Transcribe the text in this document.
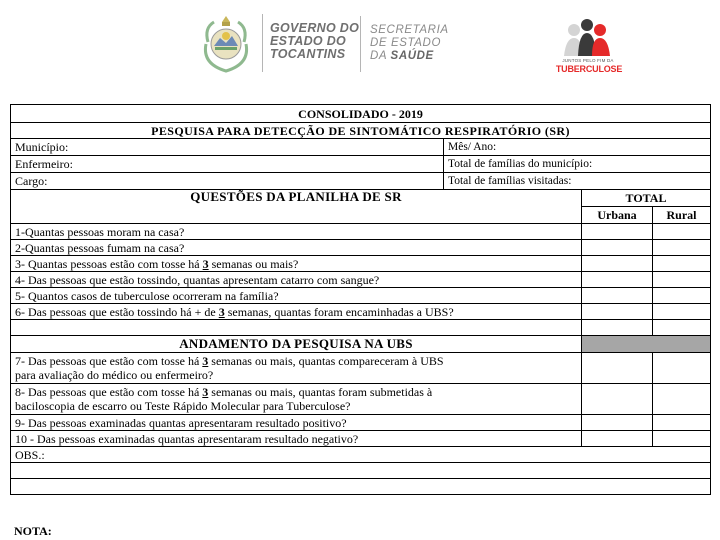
GOVERNO DO
ESTADO DO
TOCANTINS
SECRETARIA
DE ESTADO
DA SAÚDE	JUNTOS PELO FIM DA
TUBERCULOSE
CONSOLIDADO - 2019			
PESQUISA PARA DETECÇÃO DE SINTOMÁTICO RESPIRATÓRIO (SR)			
Município:	Mês/ Ano:		
Enfermeiro:	Total de famílias do município:		
Cargo:	Total de famílias visitadas:		
QUESTÕES DA PLANILHA DE SR		TOTAL	
		Urbana	Rural
1-Quantas pessoas moram na casa?			
2-Quantas pessoas fumam na casa?			
3- Quantas pessoas estão com tosse há 3 semanas ou mais?			
4- Das pessoas que estão tossindo, quantas apresentam catarro com sangue?			
5- Quantos casos de tuberculose ocorreram na família?			
6- Das pessoas que estão tossindo há + de 3 semanas, quantas foram encaminhadas a UBS?			

ANDAMENTO DA PESQUISA NA UBS			
7- Das pessoas que estão com tosse há 3 semanas ou mais, quantas compareceram à UBS
para avaliação do médico ou enfermeiro?			
8- Das pessoas que estão com tosse há 3 semanas ou mais, quantas foram submetidas à
baciloscopia de escarro ou Teste Rápido Molecular para Tuberculose?			
9- Das pessoas examinadas quantas apresentaram resultado positivo?			
10 - Das pessoas examinadas quantas apresentaram resultado negativo?			
OBS.:			

NOTA:
